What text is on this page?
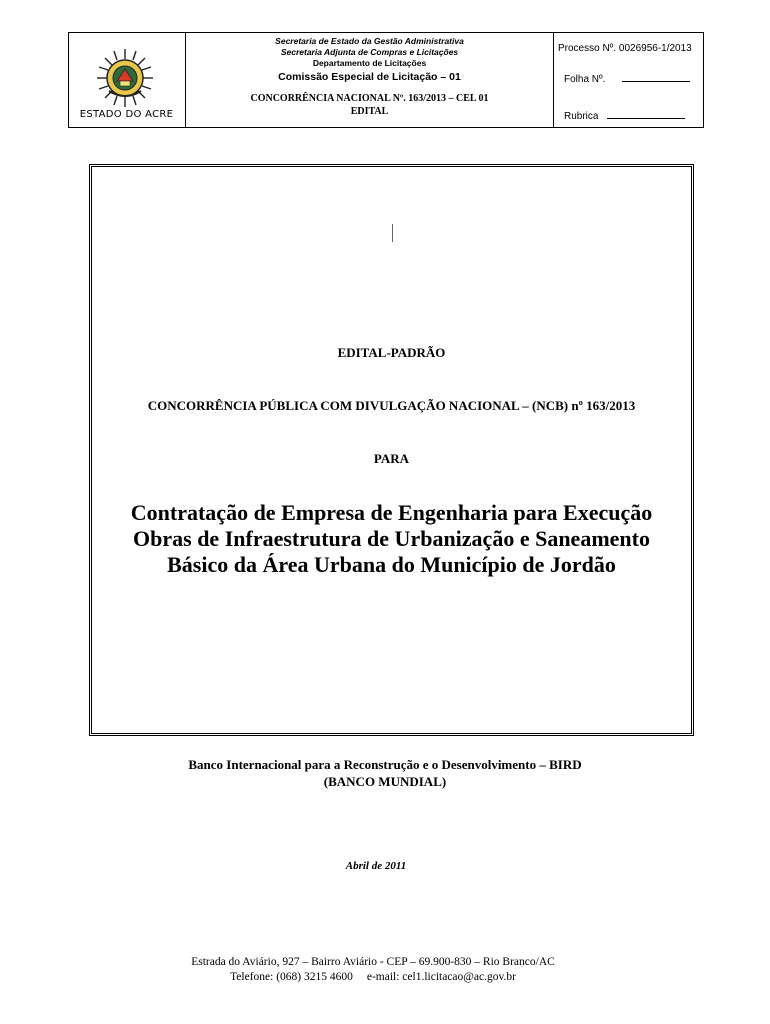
ESTADO DO ACRE
Secretaria de Estado da Gestão Administrativa
Secretaria Adjunta de Compras e Licitações
Departamento de Licitações
Comissão Especial de Licitação – 01
CONCORRÊNCIA NACIONAL Nº. 163/2013 – CEL 01
EDITAL
Processo Nº. 0026956-1/2013
Folha Nº.
Rubrica
EDITAL-PADRÃO
CONCORRÊNCIA PÚBLICA COM DIVULGAÇÃO NACIONAL – (NCB) nº 163/2013
PARA
Contratação de Empresa de Engenharia para Execução
Obras de Infraestrutura de Urbanização e Saneamento
Básico da Área Urbana do Município de Jordão
Banco Internacional para a Reconstrução e o Desenvolvimento – BIRD
(BANCO MUNDIAL)
Abril de 2011
Estrada do Aviário, 927 – Bairro Aviário - CEP – 69.900-830 – Rio Branco/AC
Telefone: (068) 3215 4600 e-mail: cel1.licitacao@ac.gov.br
